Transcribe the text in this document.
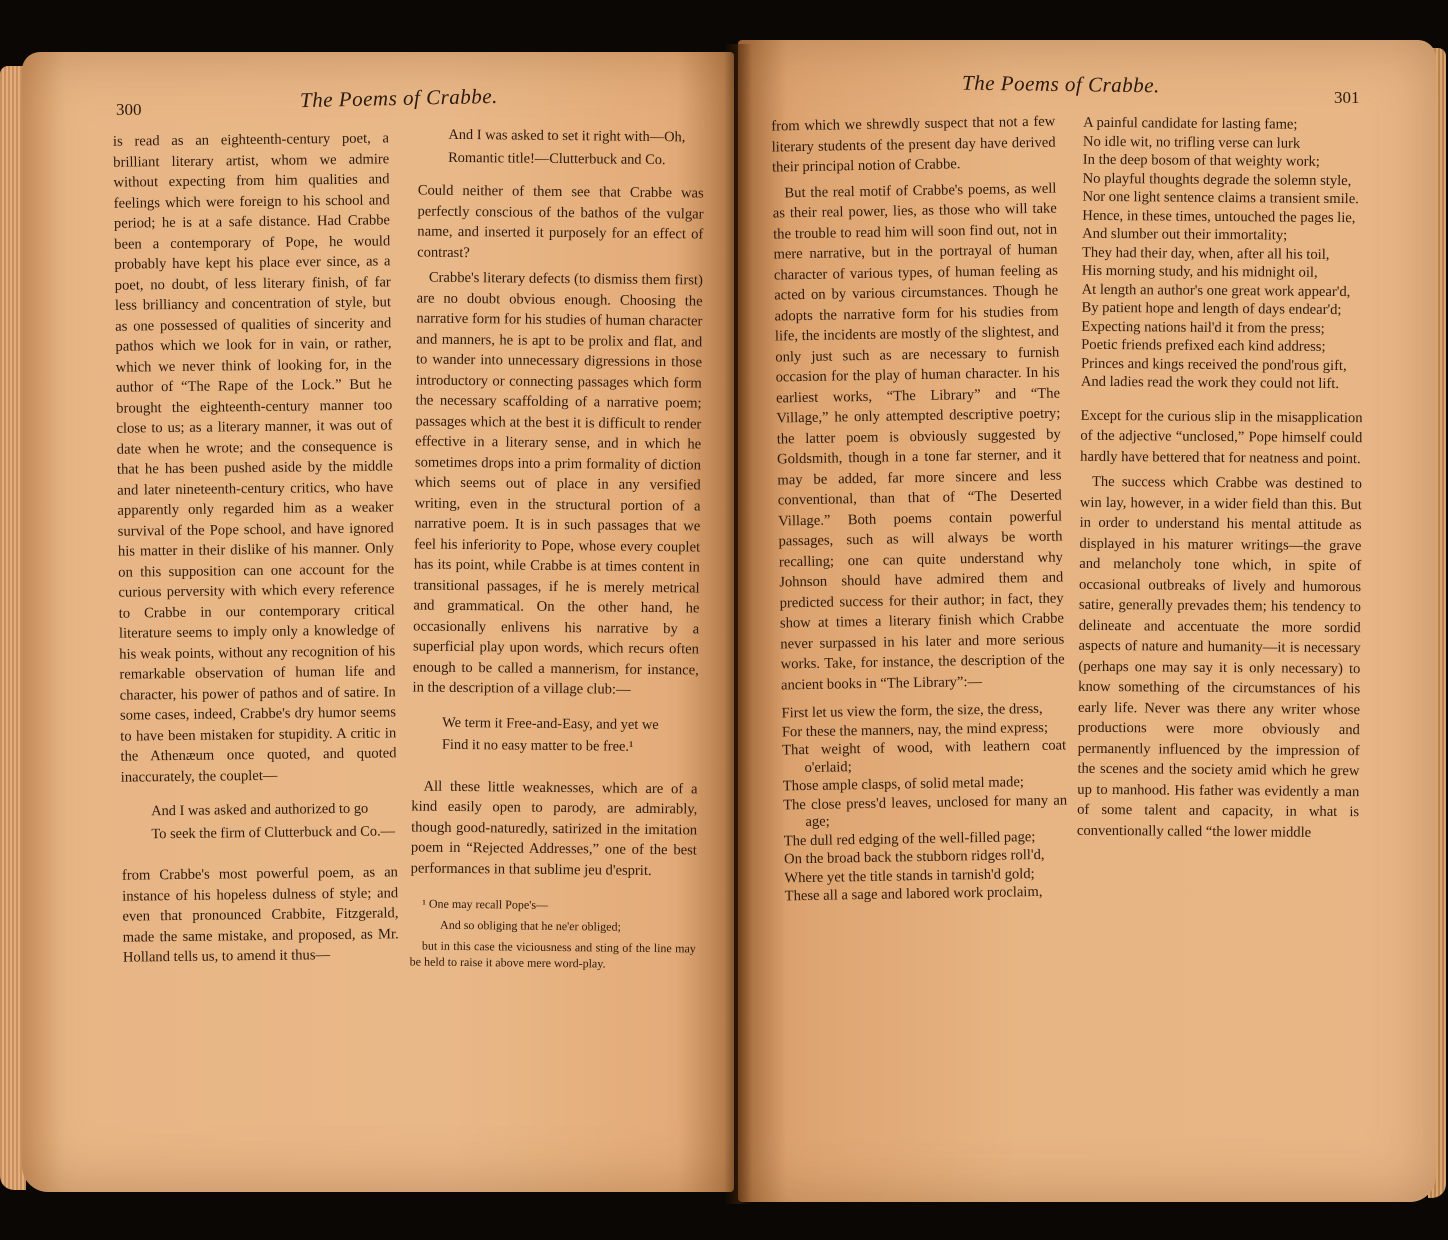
300	The Poems of Crabbe.

is read as an eighteenth-century poet, a brilliant literary artist, whom we admire without expecting from him qualities and feelings which were foreign to his school and period; he is at a safe distance. Had Crabbe been a contemporary of Pope, he would probably have kept his place ever since, as a poet, no doubt, of less literary finish, of far less brilliancy and concentration of style, but as one possessed of qualities of sincerity and pathos which we look for in vain, or rather, which we never think of looking for, in the author of “The Rape of the Lock.” But he brought the eighteenth-century manner too close to us; as a literary manner, it was out of date when he wrote; and the consequence is that he has been pushed aside by the middle and later nineteenth-century critics, who have apparently only regarded him as a weaker survival of the Pope school, and have ignored his matter in their dislike of his manner. Only on this supposition can one account for the curious perversity with which every reference to Crabbe in our contemporary critical literature seems to imply only a knowledge of his weak points, without any recognition of his remarkable observation of human life and character, his power of pathos and of satire. In some cases, indeed, Crabbe's dry humor seems to have been mistaken for stupidity. A critic in the Athenæum once quoted, and quoted inaccurately, the couplet—

And I was asked and authorized to go

To seek the firm of Clutterbuck and Co.—

from Crabbe's most powerful poem, as an instance of his hopeless dulness of style; and even that pronounced Crabbite, Fitzgerald, made the same mistake, and proposed, as Mr. Holland tells us, to amend it thus—

And I was asked to set it right with—Oh,

Romantic title!—Clutterbuck and Co.

Could neither of them see that Crabbe was perfectly conscious of the bathos of the vulgar name, and inserted it purposely for an effect of contrast?

Crabbe's literary defects (to dismiss them first) are no doubt obvious enough. Choosing the narrative form for his studies of human character and manners, he is apt to be prolix and flat, and to wander into unnecessary digressions in those introductory or connecting passages which form the necessary scaffolding of a narrative poem; passages which at the best it is difficult to render effective in a literary sense, and in which he sometimes drops into a prim formality of diction which seems out of place in any versified writing, even in the structural portion of a narrative poem. It is in such passages that we feel his inferiority to Pope, whose every couplet has its point, while Crabbe is at times content in transitional passages, if he is merely metrical and grammatical. On the other hand, he occasionally enlivens his narrative by a superficial play upon words, which recurs often enough to be called a mannerism, for instance, in the description of a village club:—

We term it Free-and-Easy, and yet we

Find it no easy matter to be free.¹

All these little weaknesses, which are of a kind easily open to parody, are admirably, though good-naturedly, satirized in the imitation poem in “Rejected Addresses,” one of the best performances in that sublime jeu d'esprit.

¹ One may recall Pope's—

And so obliging that he ne'er obliged;

but in this case the viciousness and sting of the line may be held to raise it above mere word-play.

The Poems of Crabbe.
301

from which we shrewdly suspect that not a few literary students of the present day have derived their principal notion of Crabbe.

But the real motif of Crabbe's poems, as well as their real power, lies, as those who will take the trouble to read him will soon find out, not in mere narrative, but in the portrayal of human character of various types, of human feeling as acted on by various circumstances. Though he adopts the narrative form for his studies from life, the incidents are mostly of the slightest, and only just such as are necessary to furnish occasion for the play of human character. In his earliest works, “The Library” and “The Village,” he only attempted descriptive poetry; the latter poem is obviously suggested by Goldsmith, though in a tone far sterner, and it may be added, far more sincere and less conventional, than that of “The Deserted Village.” Both poems contain powerful passages, such as will always be worth recalling; one can quite understand why Johnson should have admired them and predicted success for their author; in fact, they show at times a literary finish which Crabbe never surpassed in his later and more serious works. Take, for instance, the description of the ancient books in “The Library”:—

First let us view the form, the size, the dress,

For these the manners, nay, the mind express;

That weight of wood, with leathern coat o'erlaid;

Those ample clasps, of solid metal made;

The close press'd leaves, unclosed for many an age;

The dull red edging of the well-filled page;

On the broad back the stubborn ridges roll'd,

Where yet the title stands in tarnish'd gold;

These all a sage and labored work proclaim,

A painful candidate for lasting fame;

No idle wit, no trifling verse can lurk

In the deep bosom of that weighty work;

No playful thoughts degrade the solemn style,

Nor one light sentence claims a transient smile.

Hence, in these times, untouched the pages lie,

And slumber out their immortality;

They had their day, when, after all his toil,

His morning study, and his midnight oil,

At length an author's one great work appear'd,

By patient hope and length of days endear'd;

Expecting nations hail'd it from the press;

Poetic friends prefixed each kind address;

Princes and kings received the pond'rous gift,

And ladies read the work they could not lift.

Except for the curious slip in the misapplication of the adjective “unclosed,” Pope himself could hardly have bettered that for neatness and point.

The success which Crabbe was destined to win lay, however, in a wider field than this. But in order to understand his mental attitude as displayed in his maturer writings—the grave and melancholy tone which, in spite of occasional outbreaks of lively and humorous satire, generally prevades them; his tendency to delineate and accentuate the more sordid aspects of nature and humanity—it is necessary (perhaps one may say it is only necessary) to know something of the circumstances of his early life. Never was there any writer whose productions were more obviously and permanently influenced by the impression of the scenes and the society amid which he grew up to manhood. His father was evidently a man of some talent and capacity, in what is conventionally called “the lower middle
